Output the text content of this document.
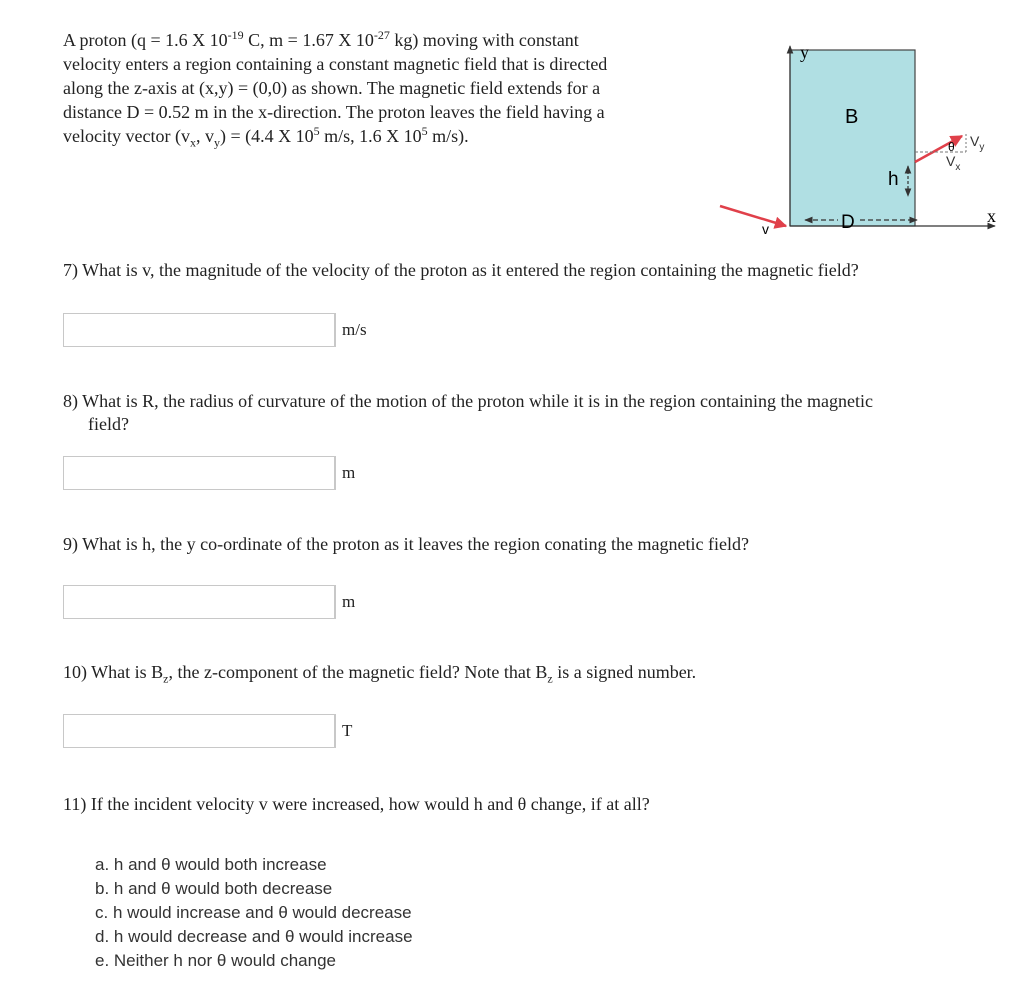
A proton (q = 1.6 X $10^{-19}$ C, m = 1.67 X $10^{-27}$ kg) moving with constant
velocity enters a region containing a constant magnetic field that is directed
along the z-axis at (x,y) = (0,0) as shown. The magnetic field extends for a
distance D = 0.52 m in the x-direction. The proton leaves the field having a
velocity vector ($v_x$, $v_y) = (4.4$ X $10^5$ m/s, 1.6 X $10^5$ m/s).
y
x
v
B
D
h
θ $V_y$
$V_x$
7) What is v, the magnitude of the velocity of the proton as it entered the region containing the magnetic field?
m/s
8) What is R, the radius of curvature of the motion of the proton while it is in the region containing the magnetic
field?
m
9) What is h, the y co-ordinate of the proton as it leaves the region conating the magnetic field?
m
10) What is $B_z$, the z-component of the magnetic field? Note that $B_z$ is a signed number.
T
11) If the incident velocity v were increased, how would h and θ change, if at all?
a. h and θ would both increase
b. h and θ would both decrease
c. h would increase and θ would decrease
d. h would decrease and θ would increase
e. Neither h nor θ would change
